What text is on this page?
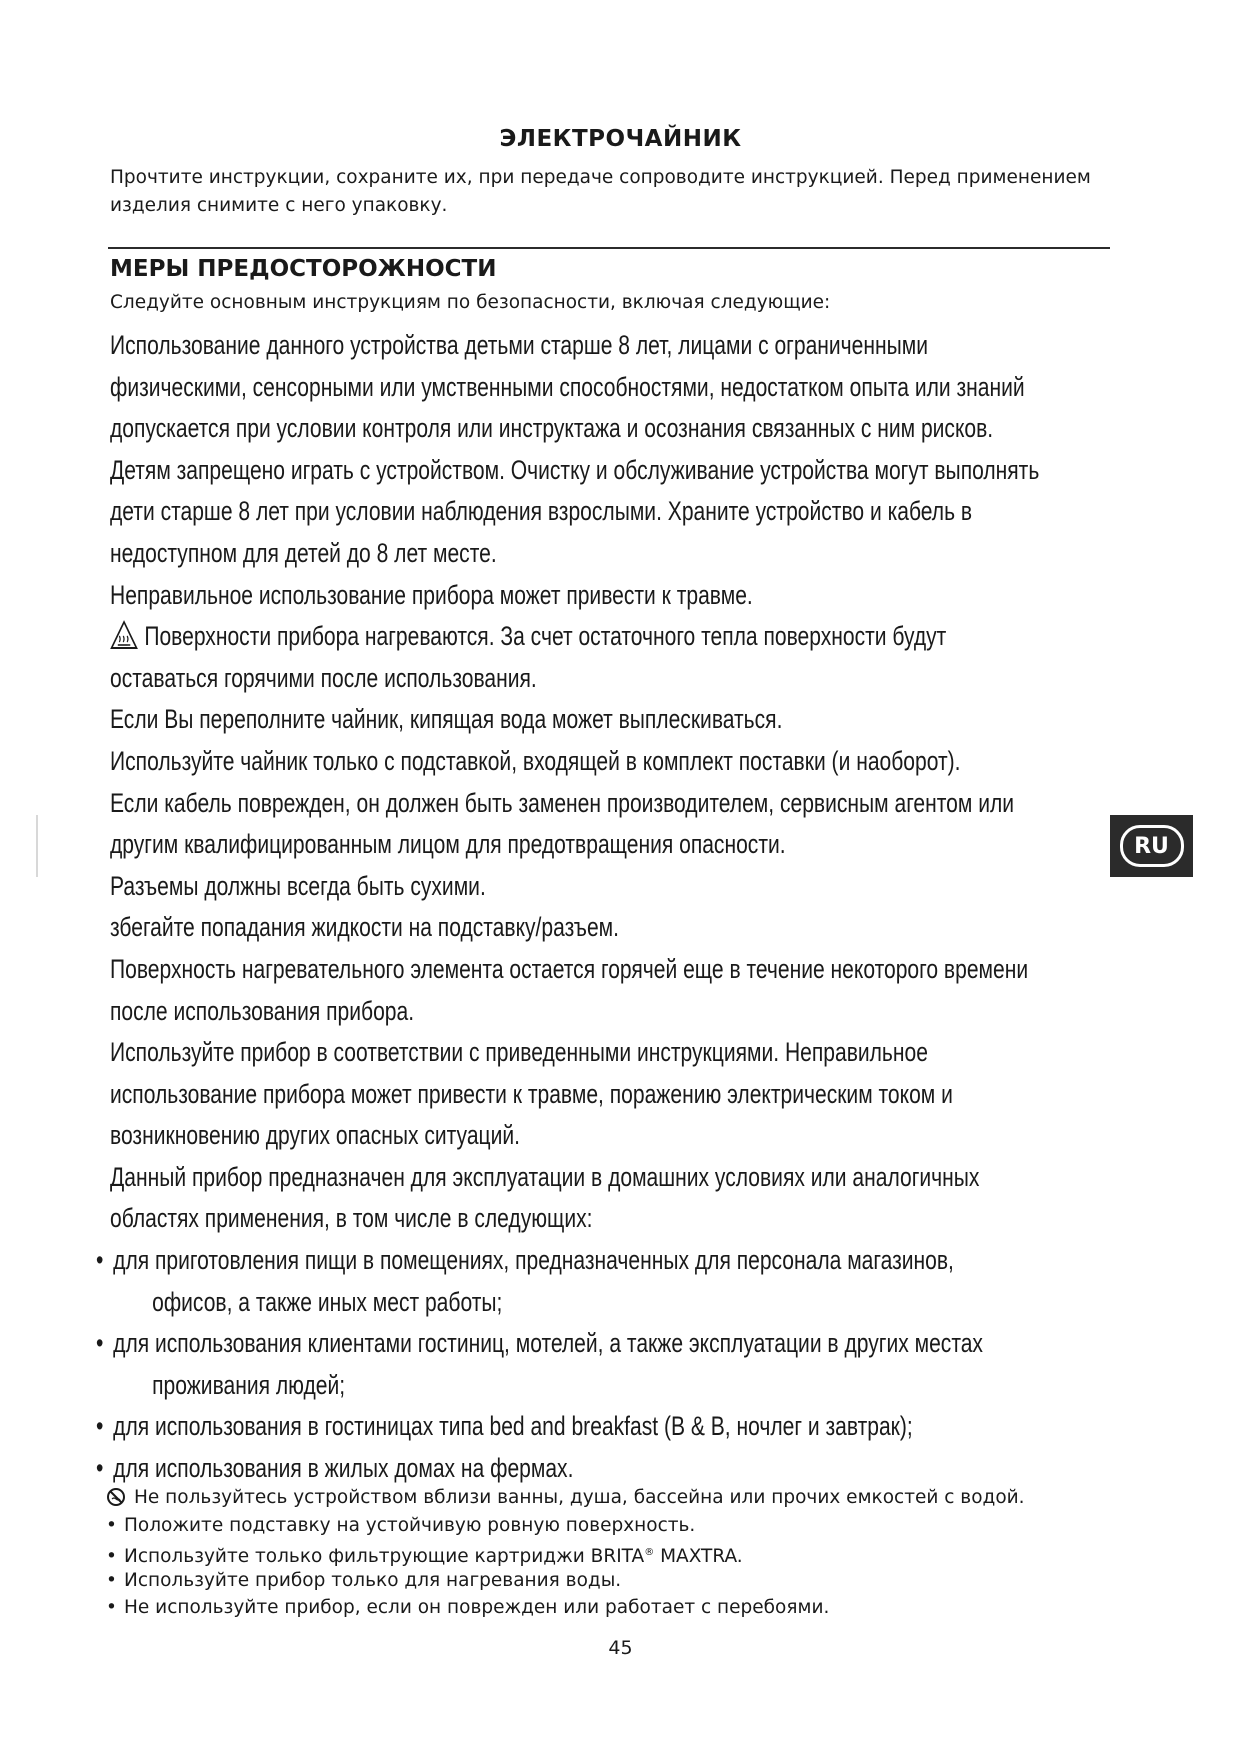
ЭЛЕКТРОЧАЙНИК
Прочтите инструкции, сохраните их, при передаче сопроводите инструкцией. Перед применением изделия снимите с него упаковку.
МЕРЫ ПРЕДОСТОРОЖНОСТИ
Следуйте основным инструкциям по безопасности, включая следующие:
Использование данного устройства детьми старше 8 лет, лицами с ограниченными
физическими, сенсорными или умственными способностями, недостатком опыта или знаний
допускается при условии контроля или инструктажа и осознания связанных с ним рисков.
Детям запрещено играть с устройством. Очистку и обслуживание устройства могут выполнять
дети старше 8 лет при условии наблюдения взрослыми. Храните устройство и кабель в
недоступном для детей до 8 лет месте.
Неправильное использование прибора может привести к травме.
Поверхности прибора нагреваются. За счет остаточного тепла поверхности будут
оставаться горячими после использования.
Если Вы переполните чайник, кипящая вода может выплескиваться.
Используйте чайник только с подставкой, входящей в комплект поставки (и наоборот).
Если кабель поврежден, он должен быть заменен производителем, сервисным агентом или
другим квалифицированным лицом для предотвращения опасности.
Разъемы должны всегда быть сухими.
збегайте попадания жидкости на подставку/разъем.
Поверхность нагревательного элемента остается горячей еще в течение некоторого времени
после использования прибора.
Используйте прибор в соответствии с приведенными инструкциями. Неправильное
использование прибора может привести к травме, поражению электрическим током и
возникновению других опасных ситуаций.
Данный прибор предназначен для эксплуатации в домашних условиях или аналогичных
областях применения, в том числе в следующих:
• для приготовления пищи в помещениях, предназначенных для персонала магазинов,
офисов, а также иных мест работы;
• для использования клиентами гостиниц, мотелей, а также эксплуатации в других местах
проживания людей;
• для использования в гостиницах типа bed and breakfast (B & B, ночлег и завтрак);
• для использования в жилых домах на фермах.
Не пользуйтесь устройством вблизи ванны, душа, бассейна или прочих емкостей с водой.
• Положите подставку на устойчивую ровную поверхность.
• Используйте только фильтрующие картриджи BRITA® MAXTRA.
• Используйте прибор только для нагревания воды.
• Не используйте прибор, если он поврежден или работает с перебоями.
45
RU
